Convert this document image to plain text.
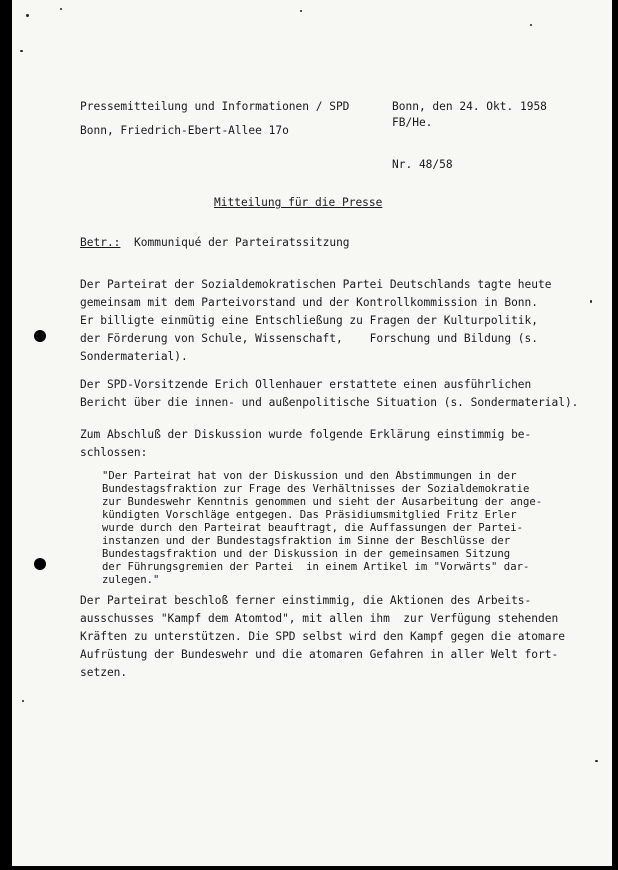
Pressemitteilung und Informationen / SPD
Bonn, Friedrich-Ebert-Allee 17o
Bonn, den 24. Okt. 1958
FB/He.
Nr. 48/58
Mitteilung für die Presse
Betr.: Kommuniqué der Parteiratssitzung
Der Parteirat der Sozialdemokratischen Partei Deutschlands tagte heute
gemeinsam mit dem Parteivorstand und der Kontrollkommission in Bonn.
Er billigte einmütig eine Entschließung zu Fragen der Kulturpolitik,
der Förderung von Schule, Wissenschaft,    Forschung und Bildung (s.
Sondermaterial).
Der SPD-Vorsitzende Erich Ollenhauer erstattete einen ausführlichen
Bericht über die innen- und außenpolitische Situation (s. Sondermaterial).
Zum Abschluß der Diskussion wurde folgende Erklärung einstimmig be-
schlossen:
"Der Parteirat hat von der Diskussion und den Abstimmungen in der
Bundestagsfraktion zur Frage des Verhältnisses der Sozialdemokratie
zur Bundeswehr Kenntnis genommen und sieht der Ausarbeitung der ange-
kündigten Vorschläge entgegen. Das Präsidiumsmitglied Fritz Erler
wurde durch den Parteirat beauftragt, die Auffassungen der Partei-
instanzen und der Bundestagsfraktion im Sinne der Beschlüsse der
Bundestagsfraktion und der Diskussion in der gemeinsamen Sitzung
der Führungsgremien der Partei  in einem Artikel im "Vorwärts" dar-
zulegen."
Der Parteirat beschloß ferner einstimmig, die Aktionen des Arbeits-
ausschusses "Kampf dem Atomtod", mit allen ihm  zur Verfügung stehenden
Kräften zu unterstützen. Die SPD selbst wird den Kampf gegen die atomare
Aufrüstung der Bundeswehr und die atomaren Gefahren in aller Welt fort-
setzen.
